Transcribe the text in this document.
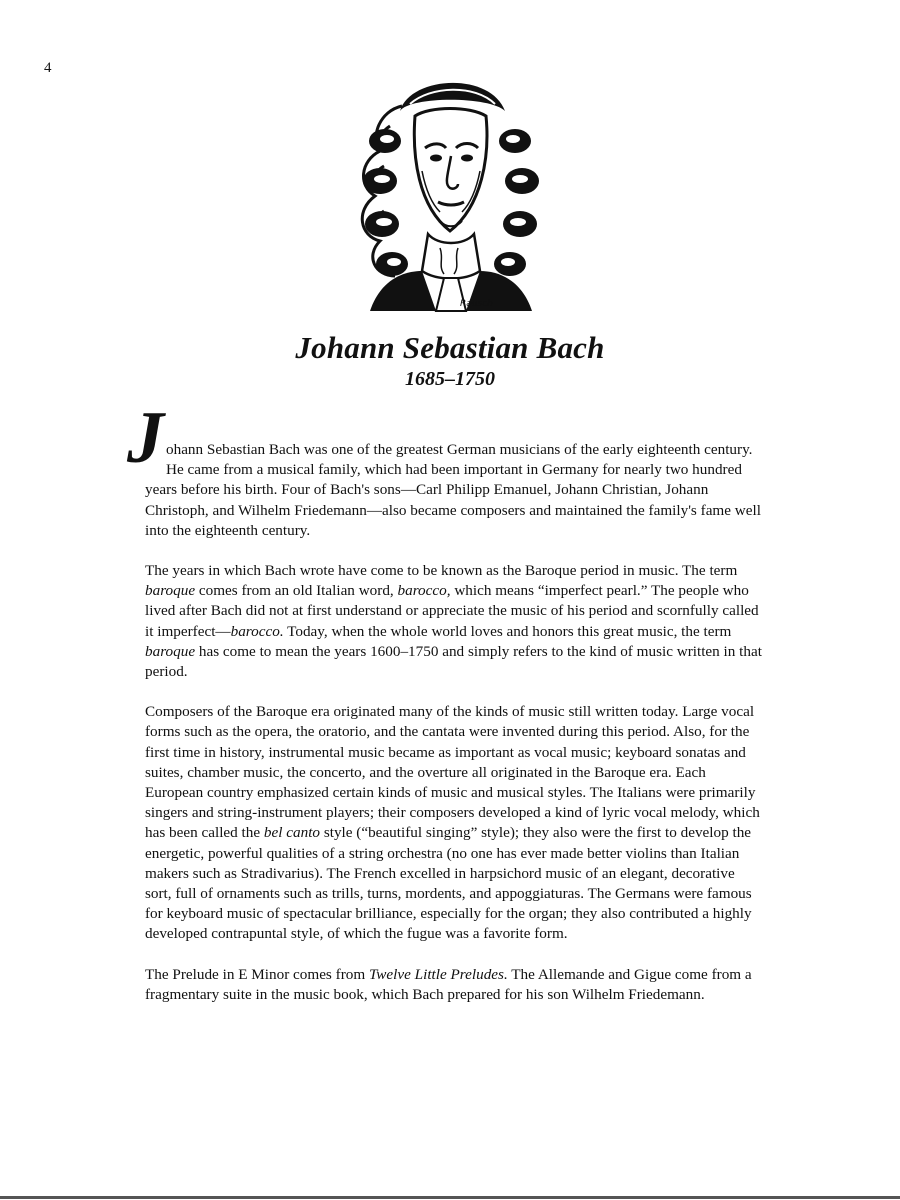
4
Rausch
Johann Sebastian Bach
1685–1750

Johann Sebastian Bach was one of the greatest German musicians of the early eighteenth century. He came from a musical family, which had been important in Germany for nearly two hundred years before his birth. Four of Bach's sons—Carl Philipp Emanuel, Johann Christian, Johann Christoph, and Wilhelm Friedemann—also became composers and maintained the family's fame well into the eighteenth century.

The years in which Bach wrote have come to be known as the Baroque period in music. The term baroque comes from an old Italian word, barocco, which means “imperfect pearl.” The people who lived after Bach did not at first understand or appreciate the music of his period and scornfully called it imperfect—barocco. Today, when the whole world loves and honors this great music, the term baroque has come to mean the years 1600–1750 and simply refers to the kind of music written in that period.

Composers of the Baroque era originated many of the kinds of music still written today. Large vocal forms such as the opera, the oratorio, and the cantata were invented during this period. Also, for the first time in history, instrumental music became as important as vocal music; keyboard sonatas and suites, chamber music, the concerto, and the overture all originated in the Baroque era. Each European country emphasized certain kinds of music and musical styles. The Italians were primarily singers and string-instrument players; their composers developed a kind of lyric vocal melody, which has been called the bel canto style (“beautiful singing” style); they also were the first to develop the energetic, powerful qualities of a string orchestra (no one has ever made better violins than Italian makers such as Stradivarius). The French excelled in harpsichord music of an elegant, decorative sort, full of ornaments such as trills, turns, mordents, and appoggiaturas. The Germans were famous for keyboard music of spectacular brilliance, especially for the organ; they also contributed a highly developed contrapuntal style, of which the fugue was a favorite form.

The Prelude in E Minor comes from Twelve Little Preludes. The Allemande and Gigue come from a fragmentary suite in the music book, which Bach prepared for his son Wilhelm Friedemann.
